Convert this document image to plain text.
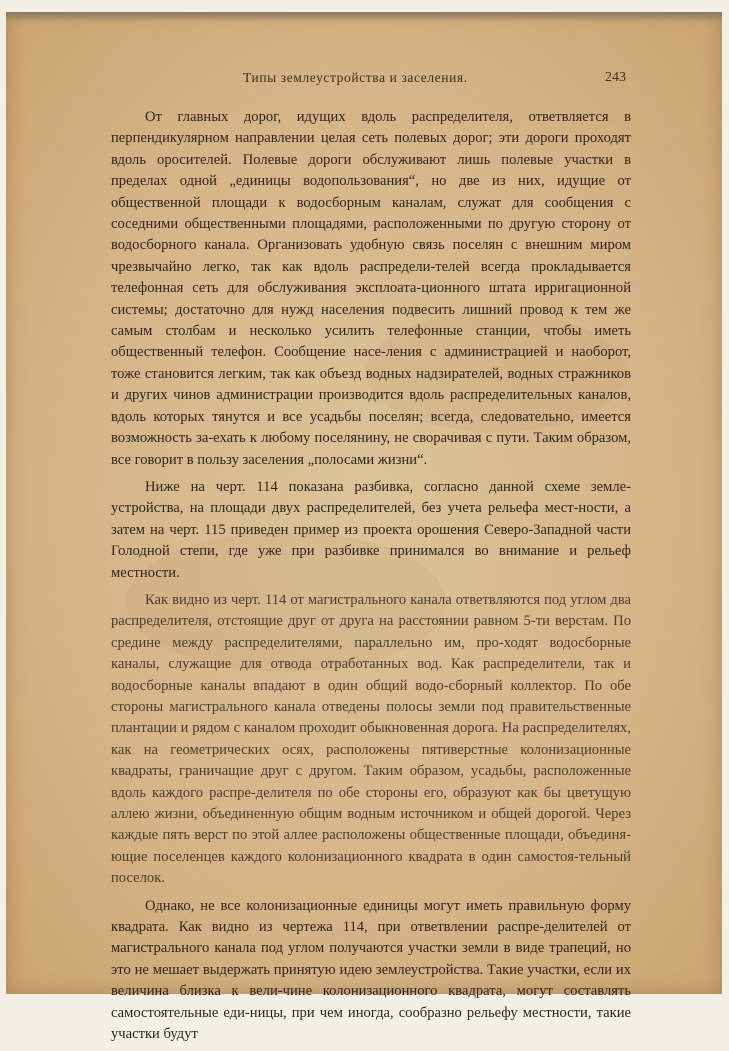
Типы землеустройства и заселения.	243

От главных дорог, идущих вдоль распределителя, ответвляется в перпендикулярном направлении целая сеть полевых дорог; эти дороги проходят вдоль оросителей. Полевые дороги обслуживают лишь полевые участки в пределах одной „единицы водопользования“, но две из них, идущие от общественной площади к водосборным каналам, служат для сообщения с соседними общественными площадями, расположенными по другую сторону от водосборного канала. Организовать удобную связь поселян с внешним миром чрезвычайно легко, так как вдоль распредели-телей всегда прокладывается телефонная сеть для обслуживания эксплоата-ционного штата ирригационной системы; достаточно для нужд населения подвесить лишний провод к тем же самым столбам и несколько усилить телефонные станции, чтобы иметь общественный телефон. Сообщение насе-ления с администрацией и наоборот, тоже становится легким, так как объезд водных надзирателей, водных стражников и других чинов администрации производится вдоль распределительных каналов, вдоль которых тянутся и все усадьбы поселян; всегда, следовательно, имеется возможность за-ехать к любому поселянину, не сворачивая с пути. Таким образом, все говорит в пользу заселения „полосами жизни“.

Ниже на черт. 114 показана разбивка, согласно данной схеме земле-устройства, на площади двух распределителей, без учета рельефа мест-ности, а затем на черт. 115 приведен пример из проекта орошения Северо-Западной части Голодной степи, где уже при разбивке принимался во внимание и рельеф местности.

Как видно из черт. 114 от магистрального канала ответвляются под углом два распределителя, отстоящие друг от друга на расстоянии равном 5-ти верстам. По средине между распределителями, параллельно им, про-ходят водосборные каналы, служащие для отвода отработанных вод. Как распределители, так и водосборные каналы впадают в один общий водо-сборный коллектор. По обе стороны магистрального канала отведены полосы земли под правительственные плантации и рядом с каналом проходит обыкновенная дорога. На распределителях, как на геометрических осях, расположены пятиверстные колонизационные квадраты, граничащие друг с другом. Таким образом, усадьбы, расположенные вдоль каждого распре-делителя по обе стороны его, образуют как бы цветущую аллею жизни, объединенную общим водным источником и общей дорогой. Через каждые пять верст по этой аллее расположены общественные площади, объединя-ющие поселенцев каждого колонизационного квадрата в один самостоя-тельный поселок.

Однако, не все колонизационные единицы могут иметь правильную форму квадрата. Как видно из чертежа 114, при ответвлении распре-делителей от магистрального канала под углом получаются участки земли в виде трапеций, но это не мешает выдержать принятую идею землеустройства. Такие участки, если их величина близка к вели-чине колонизационного квадрата, могут составлять самостоятельные еди-ницы, при чем иногда, сообразно рельефу местности, такие участки будут
